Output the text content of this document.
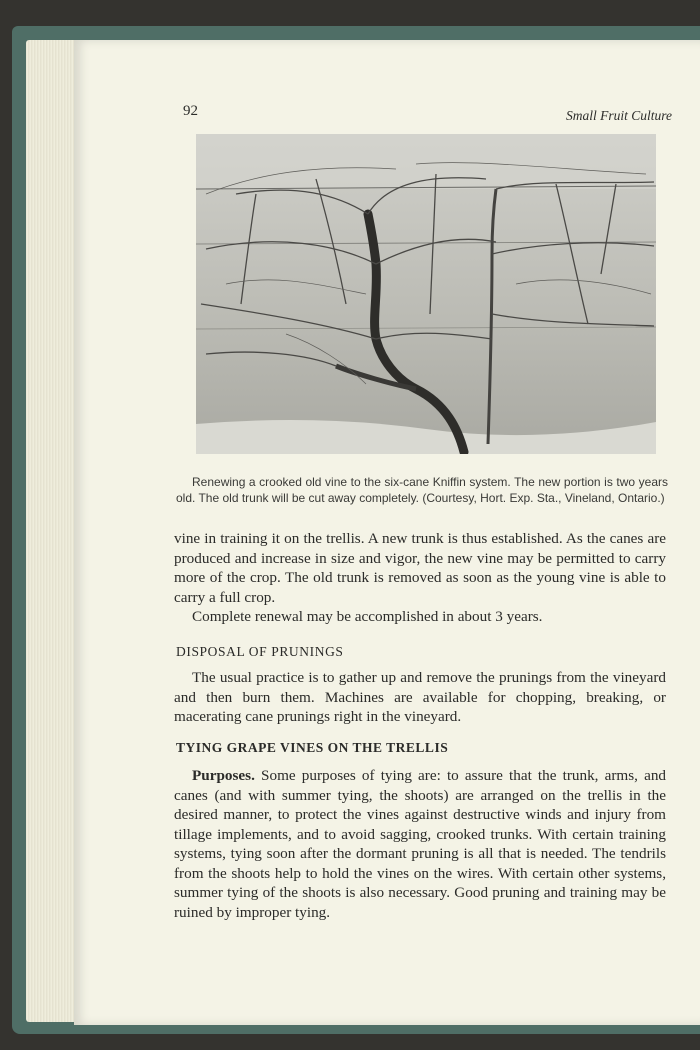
92	Small Fruit Culture

Renewing a crooked old vine to the six-cane Kniffin system. The new portion is two years old. The old trunk will be cut away completely. (Courtesy, Hort. Exp. Sta., Vineland, Ontario.)

vine in training it on the trellis. A new trunk is thus established. As the canes are produced and increase in size and vigor, the new vine may be permitted to carry more of the crop. The old trunk is removed as soon as the young vine is able to carry a full crop.

Complete renewal may be accomplished in about 3 years.

DISPOSAL OF PRUNINGS

The usual practice is to gather up and remove the prunings from the vineyard and then burn them. Machines are available for chopping, breaking, or macerating cane prunings right in the vineyard.

TYING GRAPE VINES ON THE TRELLIS

Purposes. Some purposes of tying are: to assure that the trunk, arms, and canes (and with summer tying, the shoots) are arranged on the trellis in the desired manner, to protect the vines against destructive winds and injury from tillage implements, and to avoid sagging, crooked trunks. With certain training systems, tying soon after the dormant pruning is all that is needed. The tendrils from the shoots help to hold the vines on the wires. With certain other systems, summer tying of the shoots is also necessary. Good pruning and training may be ruined by improper tying.
